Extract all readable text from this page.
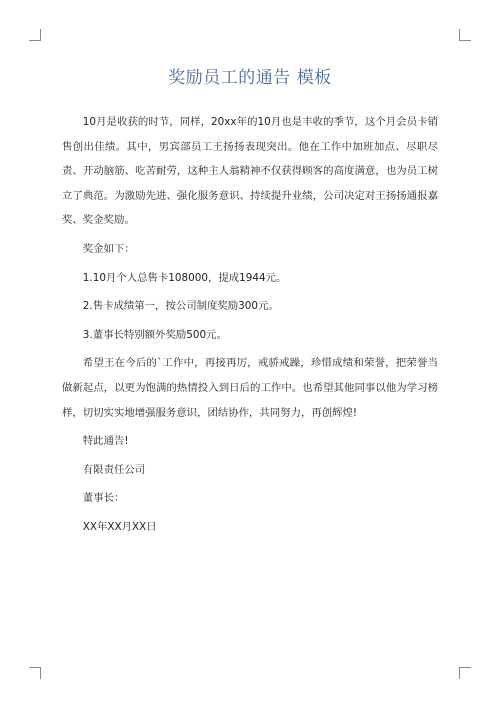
奖励员工的通告 模板

10月是收获的时节，同样，20xx年的10月也是丰收的季节，这个月会员卡销售创出佳绩。其中，男宾部员工王扬扬表现突出。他在工作中加班加点、尽职尽责、开动脑筋、吃苦耐劳，这种主人翁精神不仅获得顾客的高度满意，也为员工树立了典范。为激励先进、强化服务意识、持续提升业绩，公司决定对王扬扬通报嘉奖、奖金奖励。

奖金如下：

1.10月个人总售卡108000，提成1944元。

2.售卡成绩第一，按公司制度奖励300元。

3.董事长特别额外奖励500元。

希望王在今后的`工作中，再接再厉，戒骄戒躁，珍惜成绩和荣誉，把荣誉当做新起点，以更为饱满的热情投入到日后的工作中。也希望其他同事以他为学习榜样，切切实实地增强服务意识，团结协作，共同努力，再创辉煌!

特此通告!

有限责任公司

董事长：

XX年XX月XX日
